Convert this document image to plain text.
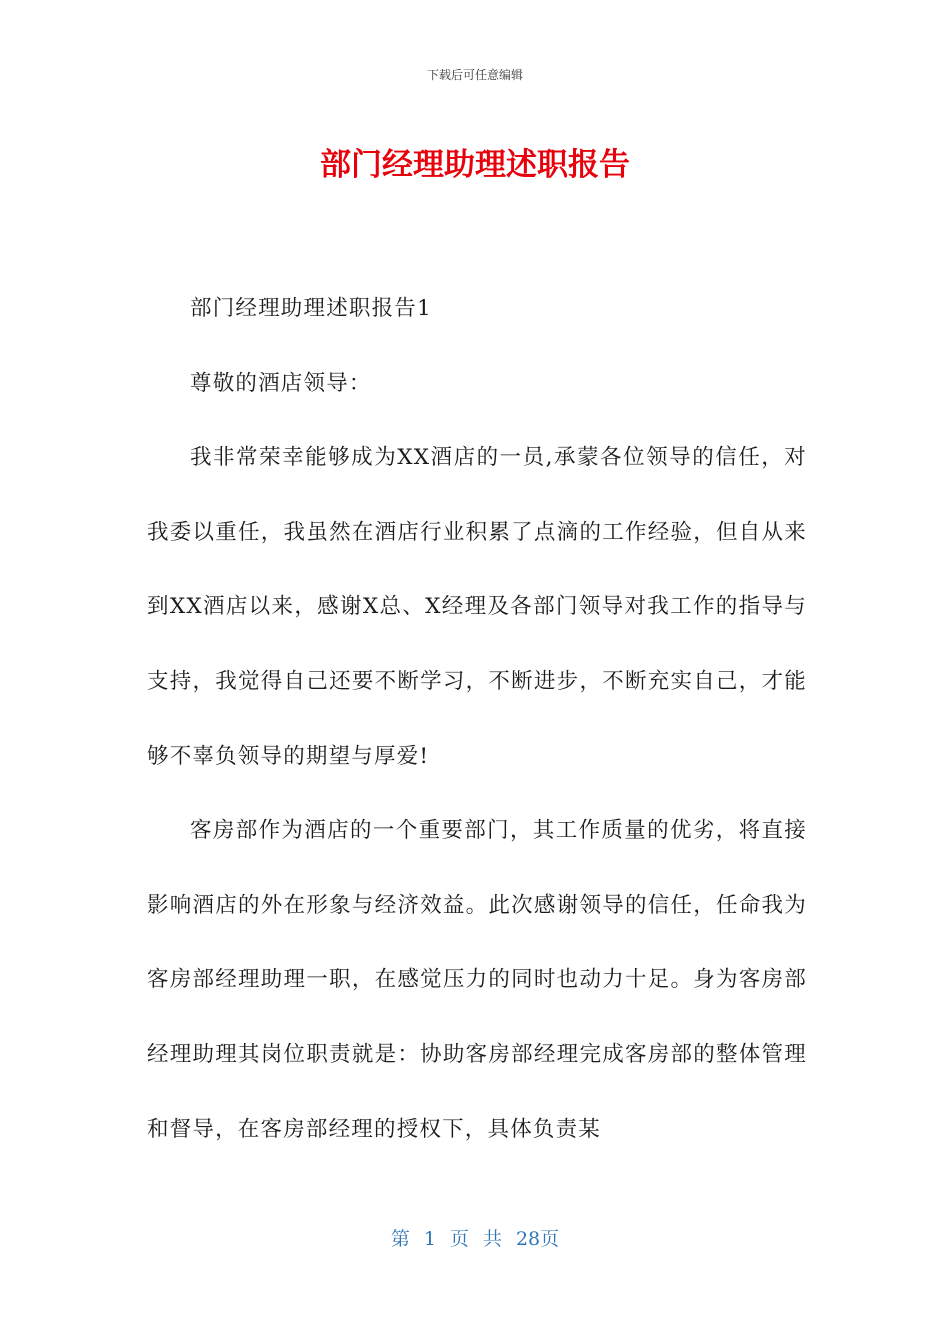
下载后可任意编辑
部门经理助理述职报告

部门经理助理述职报告1

尊敬的酒店领导：

我非常荣幸能够成为XX酒店的一员,承蒙各位领导的信任，对我委以重任，我虽然在酒店行业积累了点滴的工作经验，但自从来到XX酒店以来，感谢X总、X经理及各部门领导对我工作的指导与支持，我觉得自己还要不断学习，不断进步，不断充实自己，才能够不辜负领导的期望与厚爱!

客房部作为酒店的一个重要部门，其工作质量的优劣，将直接影响酒店的外在形象与经济效益。此次感谢领导的信任，任命我为客房部经理助理一职，在感觉压力的同时也动力十足。身为客房部经理助理其岗位职责就是：协助客房部经理完成客房部的整体管理和督导，在客房部经理的授权下，具体负责某

第 1 页 共 28页
